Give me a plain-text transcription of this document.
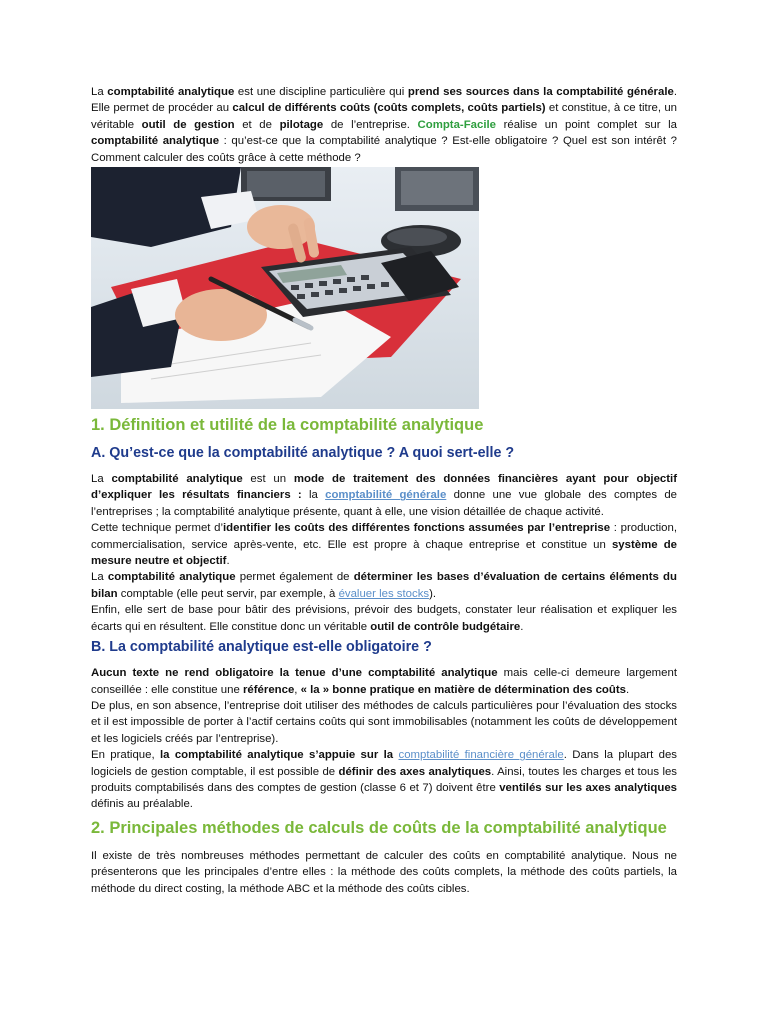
La comptabilité analytique est une discipline particulière qui prend ses sources dans la comptabilité générale. Elle permet de procéder au calcul de différents coûts (coûts complets, coûts partiels) et constitue, à ce titre, un véritable outil de gestion et de pilotage de l’entreprise. Compta-Facile réalise un point complet sur la comptabilité analytique : qu’est-ce que la comptabilité analytique ? Est-elle obligatoire ? Quel est son intérêt ? Comment calculer des coûts grâce à cette méthode ?

1. Définition et utilité de la comptabilité analytique
A. Qu’est-ce que la comptabilité analytique ? A quoi sert-elle ?

La comptabilité analytique est un mode de traitement des données financières ayant pour objectif d’expliquer les résultats financiers : la comptabilité générale donne une vue globale des comptes de l’entreprises ; la comptabilité analytique présente, quant à elle, une vision détaillée de chaque activité.

Cette technique permet d’identifier les coûts des différentes fonctions assumées par l’entreprise : production, commercialisation, service après-vente, etc. Elle est propre à chaque entreprise et constitue un système de mesure neutre et objectif.

La comptabilité analytique permet également de déterminer les bases d’évaluation de certains éléments du bilan comptable (elle peut servir, par exemple, à évaluer les stocks).

Enfin, elle sert de base pour bâtir des prévisions, prévoir des budgets, constater leur réalisation et expliquer les écarts qui en résultent. Elle constitue donc un véritable outil de contrôle budgétaire.

B. La comptabilité analytique est-elle obligatoire ?

Aucun texte ne rend obligatoire la tenue d’une comptabilité analytique mais celle-ci demeure largement conseillée : elle constitue une référence, « la » bonne pratique en matière de détermination des coûts.

De plus, en son absence, l’entreprise doit utiliser des méthodes de calculs particulières pour l’évaluation des stocks et il est impossible de porter à l’actif certains coûts qui sont immobilisables (notamment les coûts de développement et les logiciels créés par l’entreprise).

En pratique, la comptabilité analytique s’appuie sur la comptabilité financière générale. Dans la plupart des logiciels de gestion comptable, il est possible de définir des axes analytiques. Ainsi, toutes les charges et tous les produits comptabilisés dans des comptes de gestion (classe 6 et 7) doivent être ventilés sur les axes analytiques définis au préalable.

2. Principales méthodes de calculs de coûts de la comptabilité analytique

Il existe de très nombreuses méthodes permettant de calculer des coûts en comptabilité analytique. Nous ne présenterons que les principales d’entre elles : la méthode des coûts complets, la méthode des coûts partiels, la méthode du direct costing, la méthode ABC et la méthode des coûts cibles.
